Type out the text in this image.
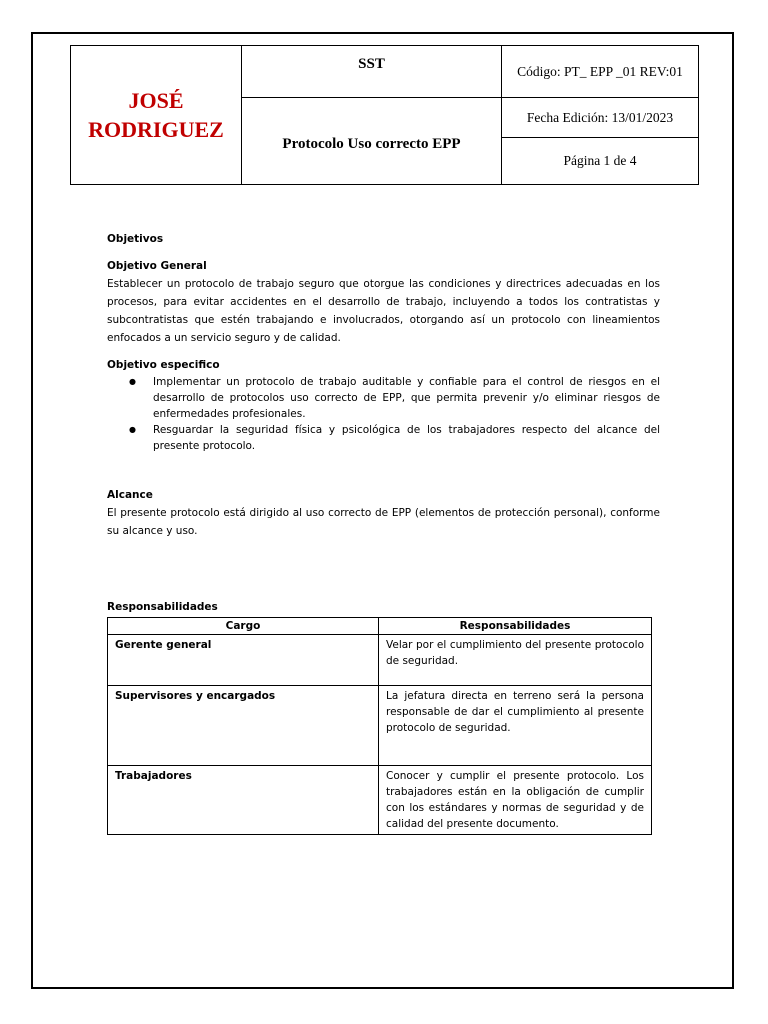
JOSÉ
RODRIGUEZ	SST	Código: PT_ EPP _01 REV:01
	Protocolo Uso correcto EPP	Fecha Edición: 13/01/2023
		Página 1 de 4
Objetivos
Objetivo General
Establecer un protocolo de trabajo seguro que otorgue las condiciones y directrices adecuadas en los procesos, para evitar accidentes en el desarrollo de trabajo, incluyendo a todos los contratistas y subcontratistas que estén trabajando e involucrados, otorgando así un protocolo con lineamientos enfocados a un servicio seguro y de calidad.
Objetivo especifico
● Implementar un protocolo de trabajo auditable y confiable para el control de riesgos en el desarrollo de protocolos uso correcto de EPP, que permita prevenir y/o eliminar riesgos de enfermedades profesionales.
● Resguardar la seguridad física y psicológica de los trabajadores respecto del alcance del presente protocolo.
Alcance
El presente protocolo está dirigido al uso correcto de EPP (elementos de protección personal), conforme su alcance y uso.
Responsabilidades
Cargo	Responsabilidades
Gerente general	Velar por el cumplimiento del presente protocolo de seguridad.
Supervisores y encargados	La jefatura directa en terreno será la persona responsable de dar el cumplimiento al presente protocolo de seguridad.
Trabajadores	Conocer y cumplir el presente protocolo. Los trabajadores están en la obligación de cumplir con los estándares y normas de seguridad y de calidad del presente documento.
